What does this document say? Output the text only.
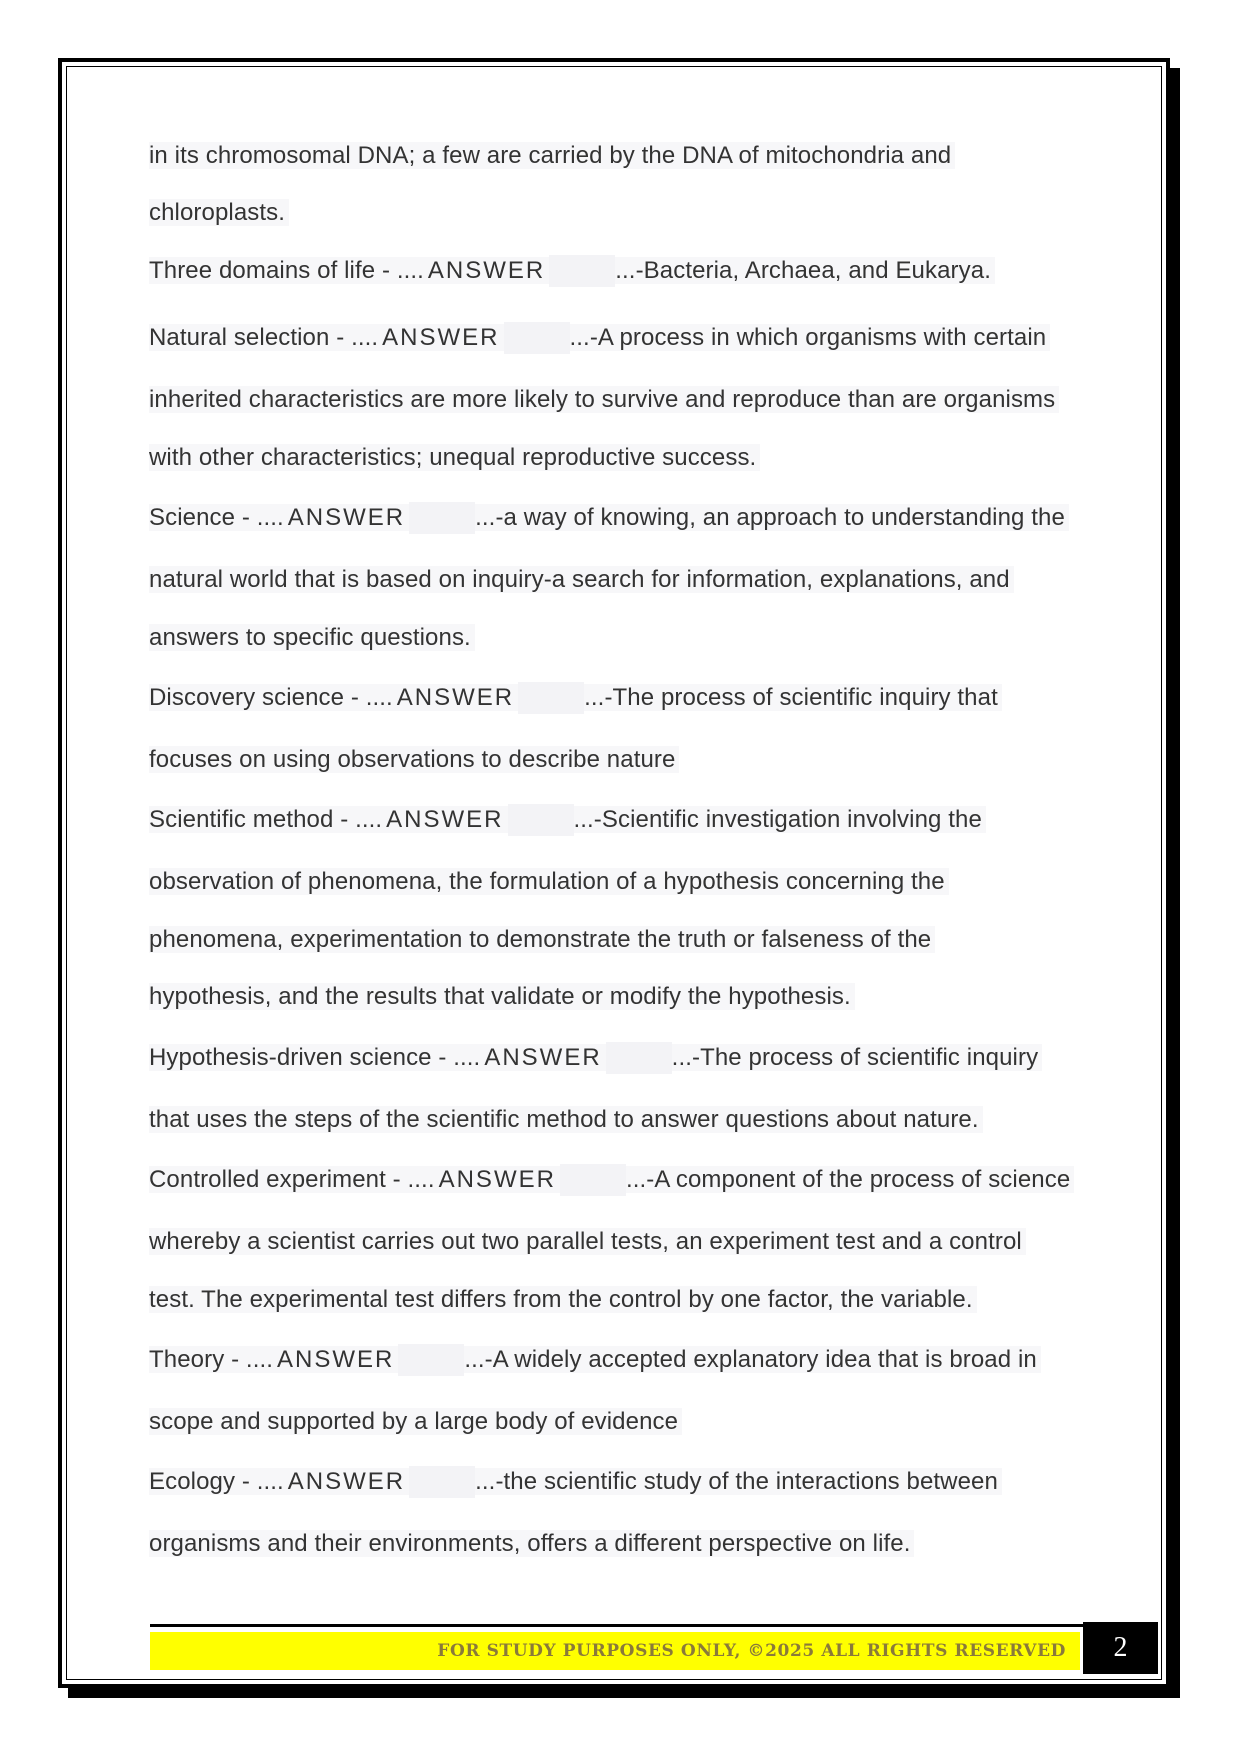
in its chromosomal DNA; a few are carried by the DNA of mitochondria and
chloroplasts.
Three domains of life - .... ANSWER	...-Bacteria, Archaea, and Eukarya.
Natural selection - .... ANSWER	...-A process in which organisms with certain
inherited characteristics are more likely to survive and reproduce than are organisms
with other characteristics; unequal reproductive success.
Science - .... ANSWER	...-a way of knowing, an approach to understanding the
natural world that is based on inquiry-a search for information, explanations, and
answers to specific questions.
Discovery science - .... ANSWER	...-The process of scientific inquiry that
focuses on using observations to describe nature
Scientific method - .... ANSWER	...-Scientific investigation involving the
observation of phenomena, the formulation of a hypothesis concerning the
phenomena, experimentation to demonstrate the truth or falseness of the
hypothesis, and the results that validate or modify the hypothesis.
Hypothesis-driven science - .... ANSWER	...-The process of scientific inquiry
that uses the steps of the scientific method to answer questions about nature.
Controlled experiment - .... ANSWER	...-A component of the process of science
whereby a scientist carries out two parallel tests, an experiment test and a control
test. The experimental test differs from the control by one factor, the variable.
Theory - .... ANSWER	...-A widely accepted explanatory idea that is broad in
scope and supported by a large body of evidence
Ecology - .... ANSWER	...-the scientific study of the interactions between
organisms and their environments, offers a different perspective on life.
FOR STUDY PURPOSES ONLY, ©2025 ALL RIGHTS RESERVED	2
